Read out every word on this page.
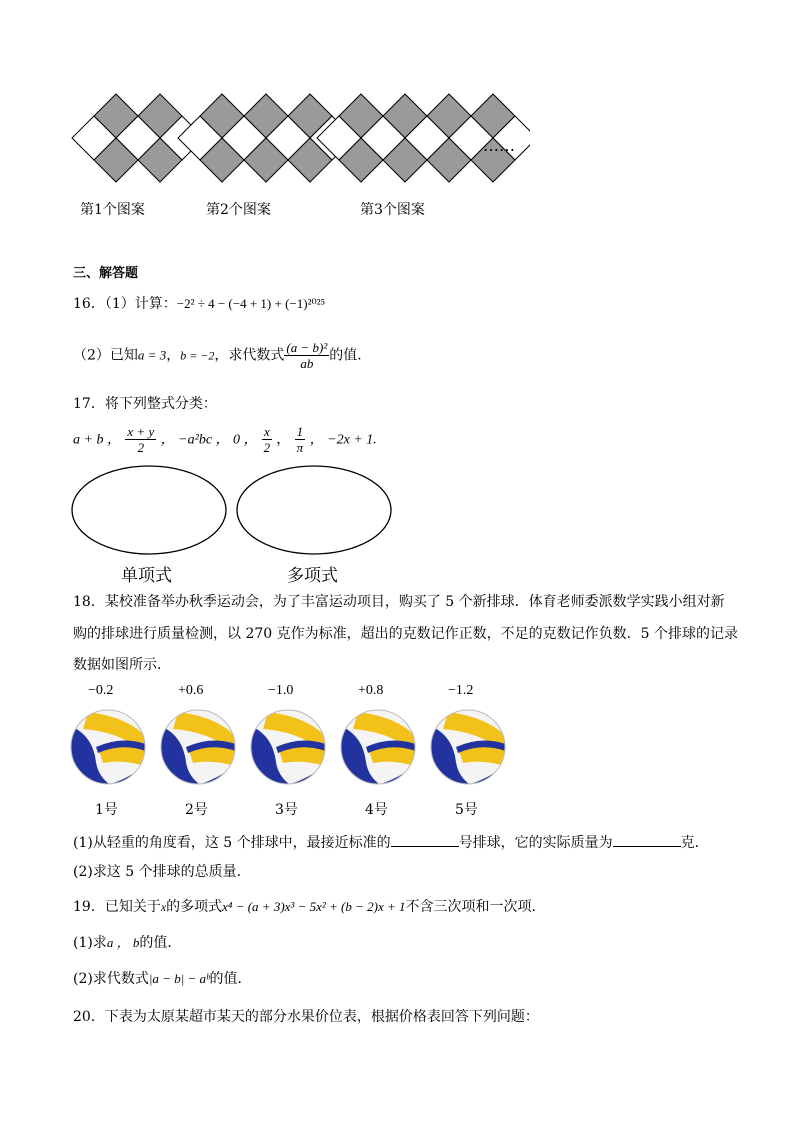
……
第1个图案	第2个图案	第3个图案
三、解答题
16．（1）计算：−2² ÷ 4 − (−4 + 1) + (−1)²⁰²⁵
（2）已知a = 3，b = −2，求代数式 $\frac{\text{(a − b)²}}{ab}$ 的值．
17．将下列整式分类：
a + b ， $\frac{x + y}{2}$ ， −a²bc ， 0 ， $\frac{x}{2}$ ， $\frac{1}{\pi}$ ， −2x + 1.
单项式	多项式
18．某校准备举办秋季运动会，为了丰富运动项目，购买了 5 个新排球．体育老师委派数学实践小组对新
购的排球进行质量检测，以 270 克作为标准，超出的克数记作正数，不足的克数记作负数．5 个排球的记录
数据如图所示．
−0.2
1号
+0.6
2号
−1.0
3号
+0.8
4号
−1.2
5号
(1)从轻重的角度看，这 5 个排球中，最接近标准的	号排球，它的实际质量为	克．
(2)求这 5 个排球的总质量．
19．已知关于x的多项式x⁴ − (a + 3)x³ − 5x² + (b − 2)x + 1不含三次项和一次项．
(1)求a ， b的值．
(2)求代数式|a − b| − aᵇ的值．
20．下表为太原某超市某天的部分水果价位表，根据价格表回答下列问题：
